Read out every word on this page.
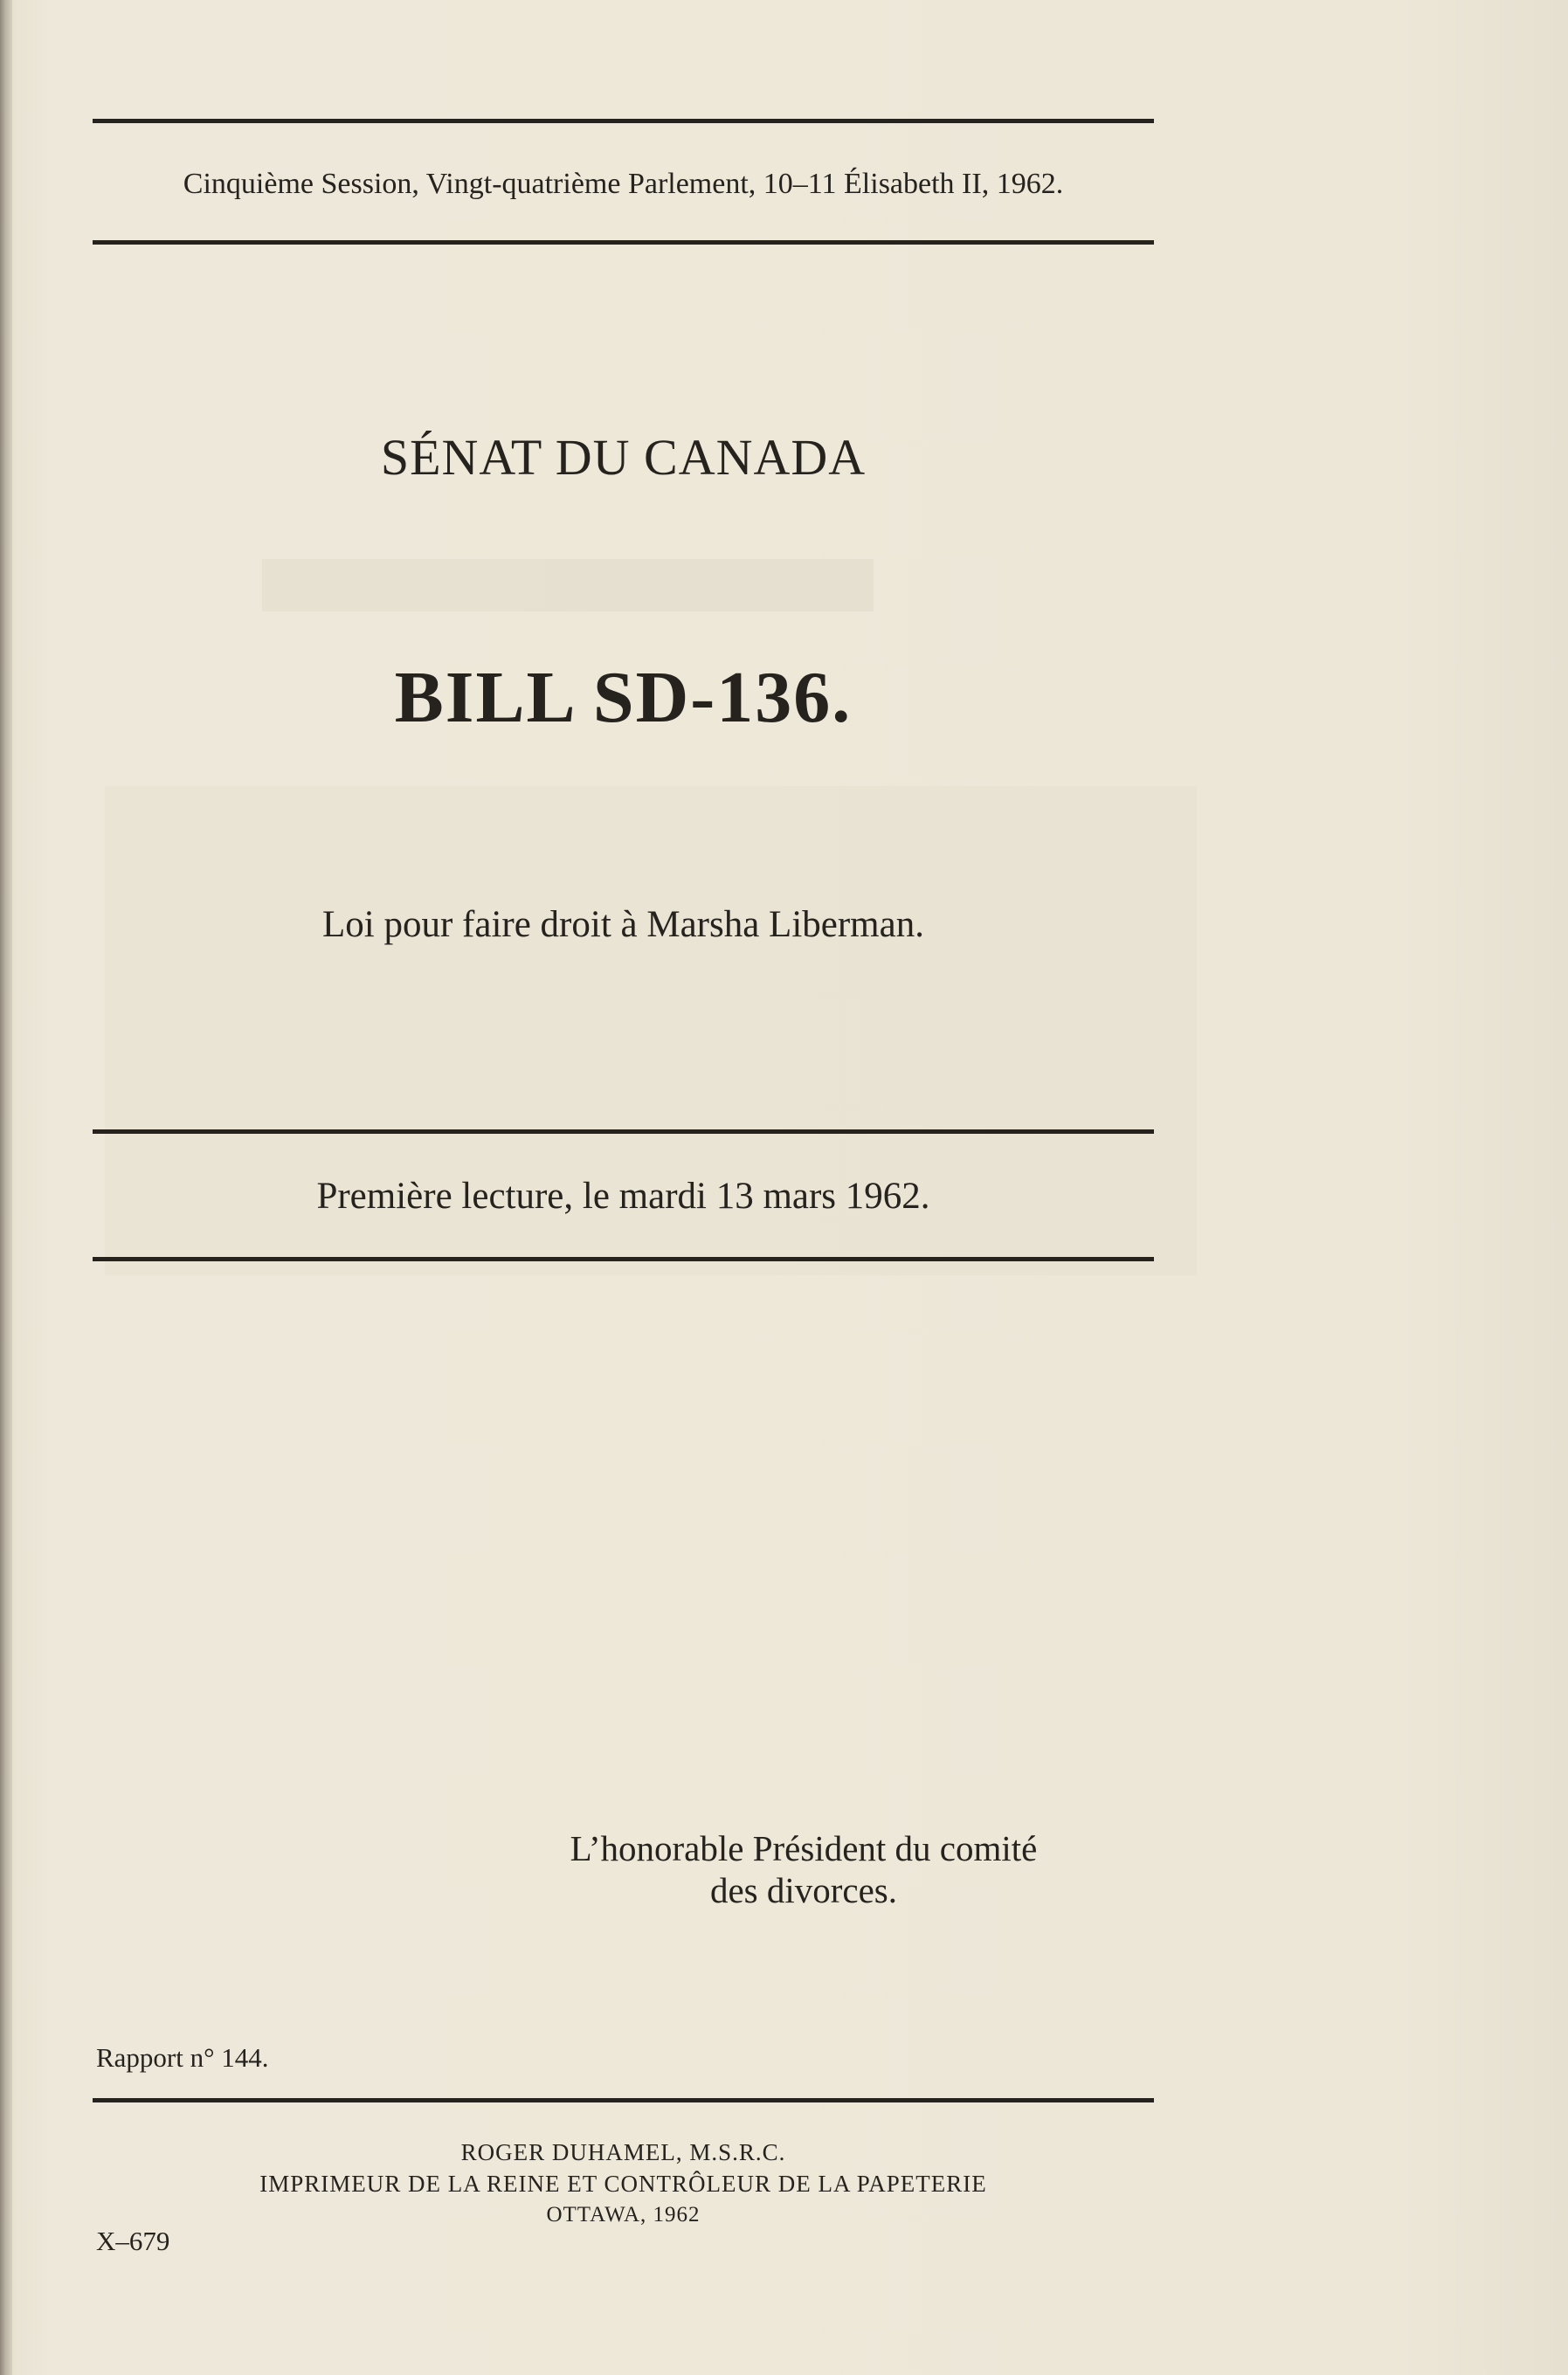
Cinquième Session, Vingt-quatrième Parlement, 10–11 Élisabeth II, 1962.
SÉNAT DU CANADA
BILL SD-136.
Loi pour faire droit à Marsha Liberman.
Première lecture, le mardi 13 mars 1962.
L’honorable Président du comité
des divorces.
Rapport n° 144.
ROGER DUHAMEL, M.S.R.C.
IMPRIMEUR DE LA REINE ET CONTRÔLEUR DE LA PAPETERIE
OTTAWA, 1962
X–679
